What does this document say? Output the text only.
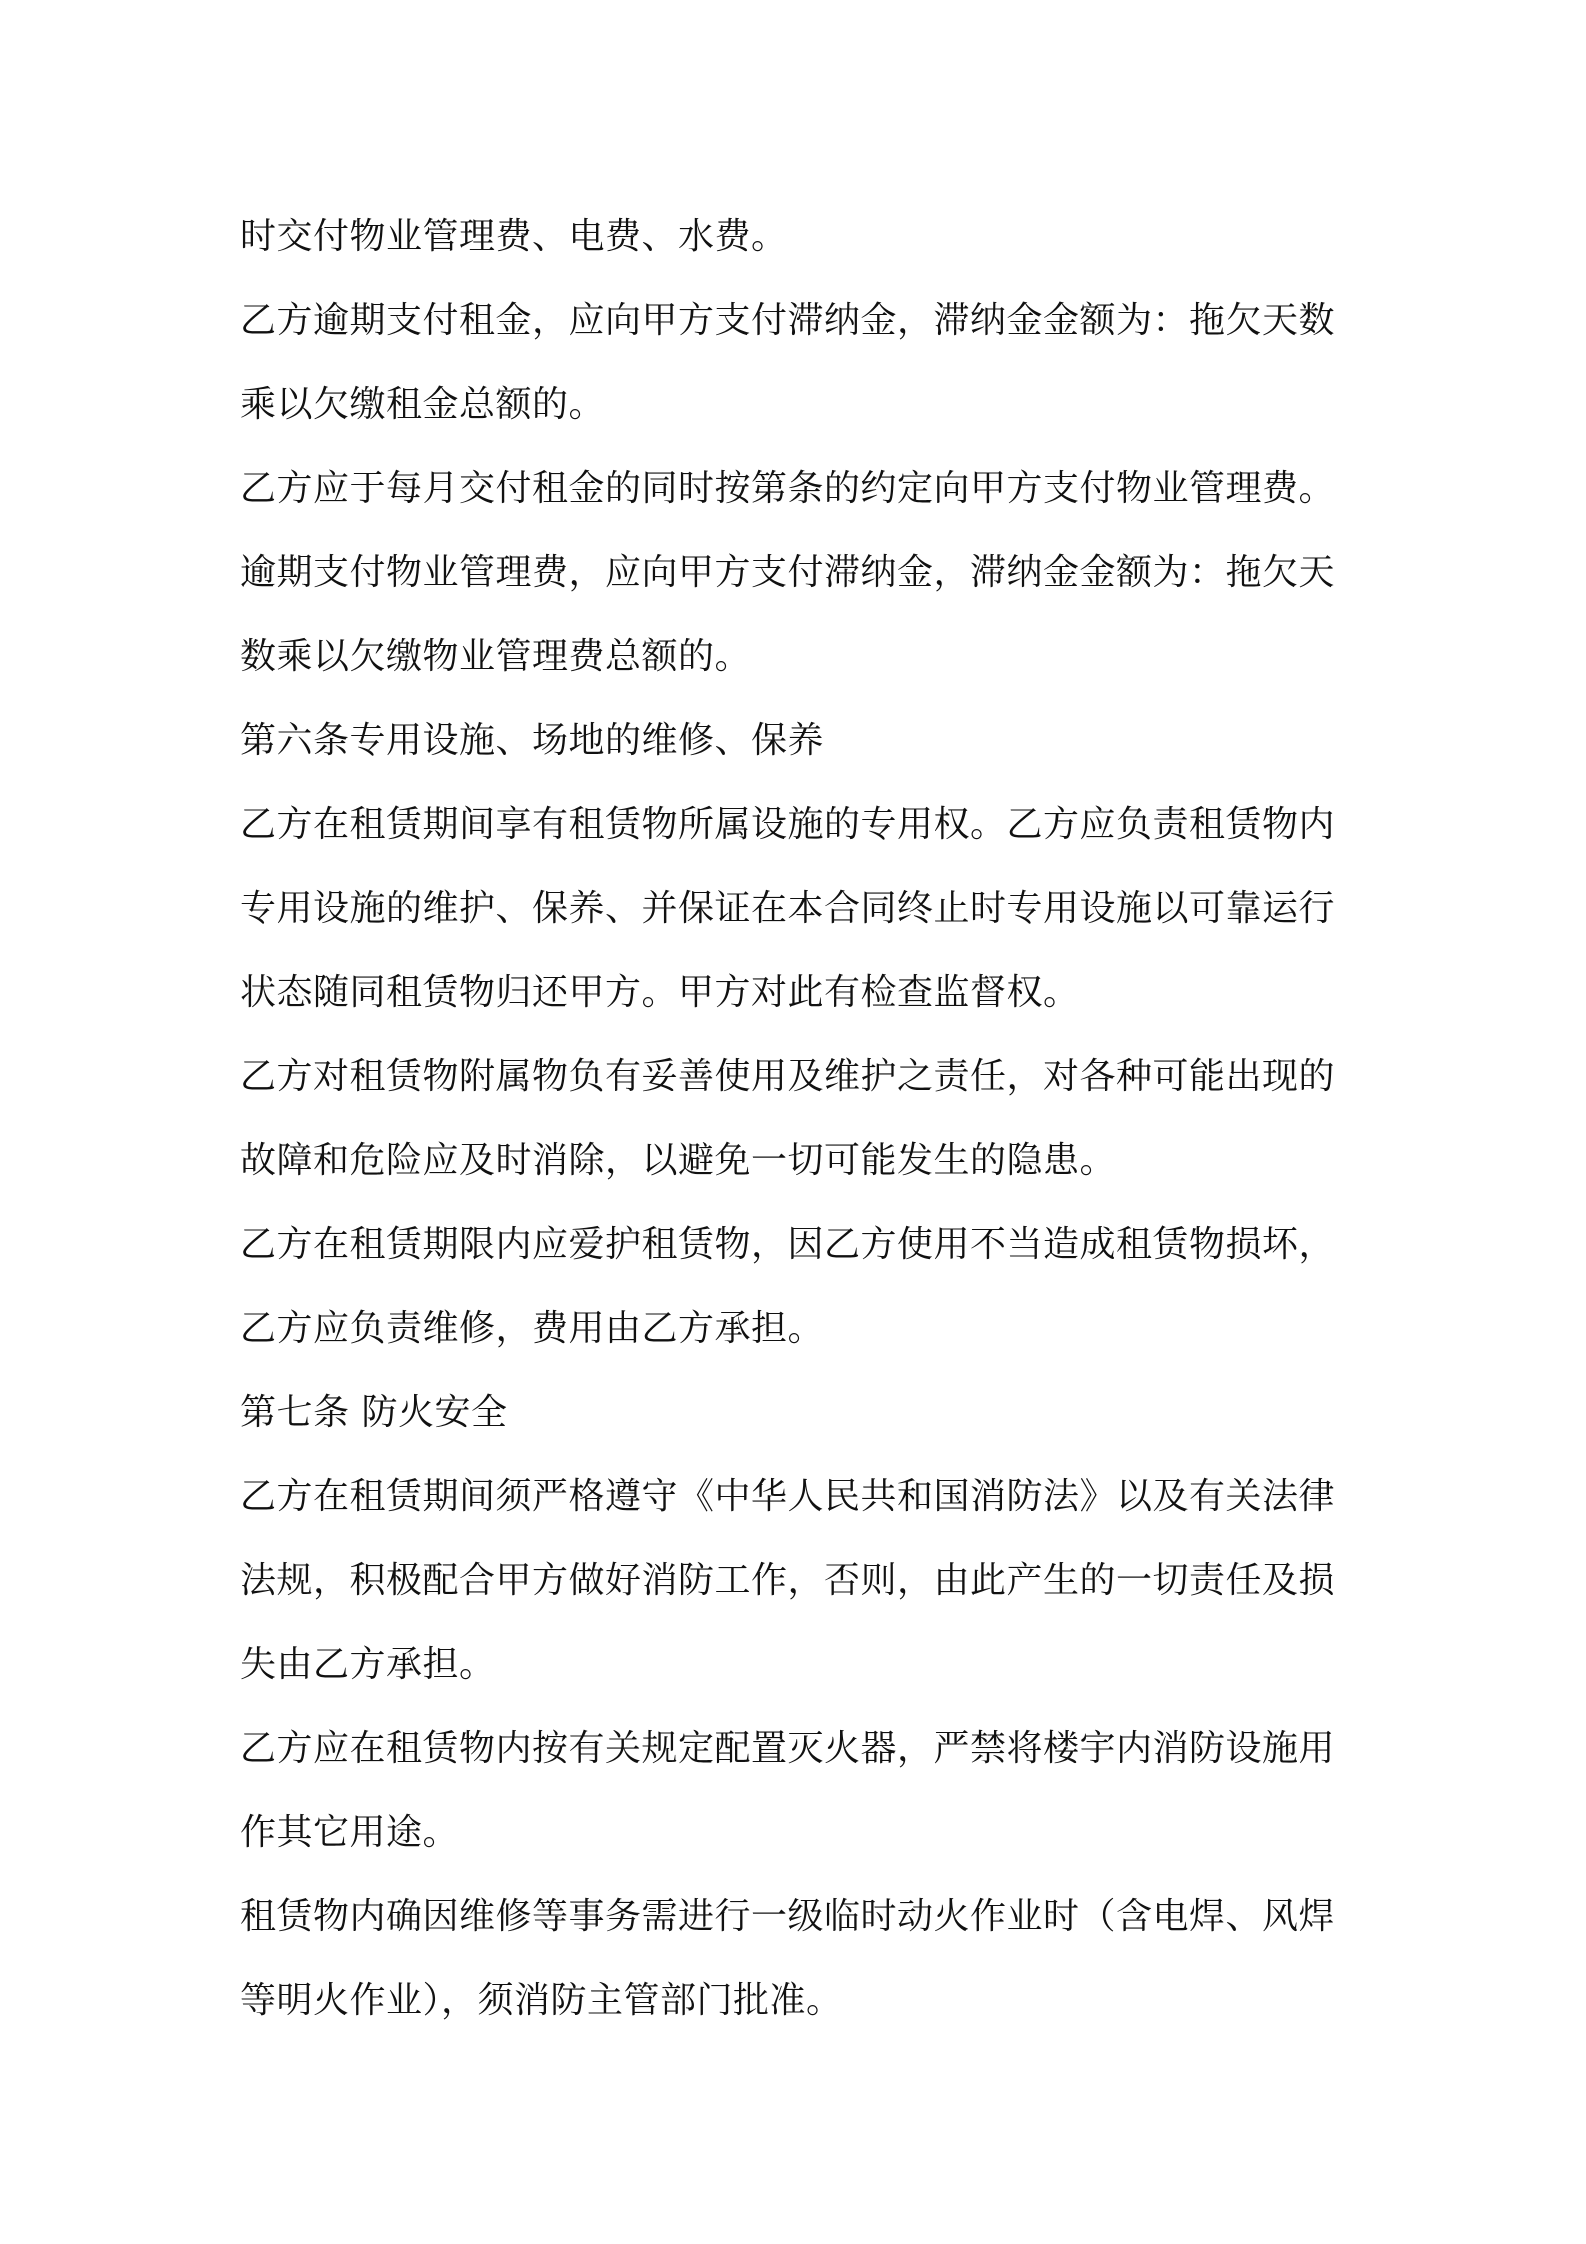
时交付物业管理费、电费、水费。
乙方逾期支付租金，应向甲方支付滞纳金，滞纳金金额为：拖欠天数
乘以欠缴租金总额的。
乙方应于每月交付租金的同时按第条的约定向甲方支付物业管理费。
逾期支付物业管理费，应向甲方支付滞纳金，滞纳金金额为：拖欠天
数乘以欠缴物业管理费总额的。
第六条专用设施、场地的维修、保养
乙方在租赁期间享有租赁物所属设施的专用权。乙方应负责租赁物内
专用设施的维护、保养、并保证在本合同终止时专用设施以可靠运行
状态随同租赁物归还甲方。甲方对此有检查监督权。
乙方对租赁物附属物负有妥善使用及维护之责任，对各种可能出现的
故障和危险应及时消除，以避免一切可能发生的隐患。
乙方在租赁期限内应爱护租赁物，因乙方使用不当造成租赁物损坏，
乙方应负责维修，费用由乙方承担。
第七条 防火安全
乙方在租赁期间须严格遵守《中华人民共和国消防法》以及有关法律
法规，积极配合甲方做好消防工作，否则，由此产生的一切责任及损
失由乙方承担。
乙方应在租赁物内按有关规定配置灭火器，严禁将楼宇内消防设施用
作其它用途。
租赁物内确因维修等事务需进行一级临时动火作业时（含电焊、风焊
等明火作业），须消防主管部门批准。
